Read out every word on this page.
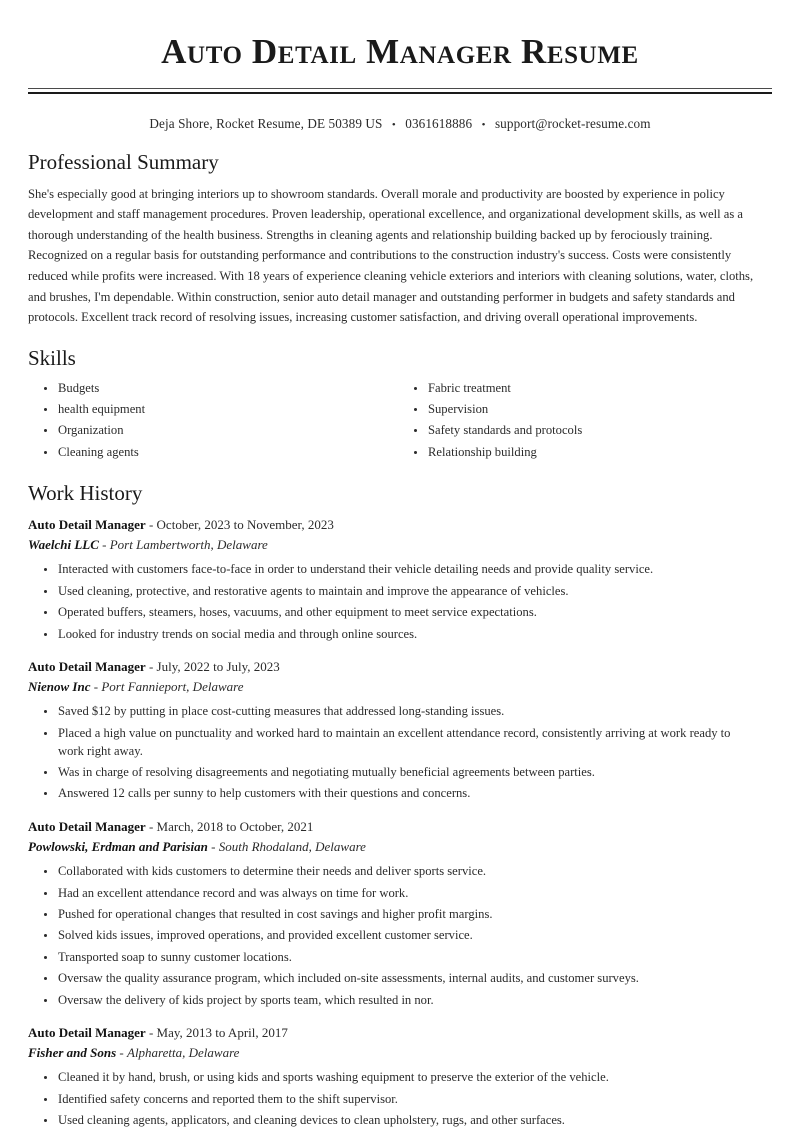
Auto Detail Manager Resume
Deja Shore, Rocket Resume, DE 50389 US • 0361618886 • support@rocket-resume.com
Professional Summary

She's especially good at bringing interiors up to showroom standards. Overall morale and productivity are boosted by experience in policy development and staff management procedures. Proven leadership, operational excellence, and organizational development skills, as well as a thorough understanding of the health business. Strengths in cleaning agents and relationship building backed up by ferociously training. Recognized on a regular basis for outstanding performance and contributions to the construction industry's success. Costs were consistently reduced while profits were increased. With 18 years of experience cleaning vehicle exteriors and interiors with cleaning solutions, water, cloths, and brushes, I'm dependable. Within construction, senior auto detail manager and outstanding performer in budgets and safety standards and protocols. Excellent track record of resolving issues, increasing customer satisfaction, and driving overall operational improvements.

Skills
Budgets
health equipment
Organization
Cleaning agents
Fabric treatment
Supervision
Safety standards and protocols
Relationship building
Work History
Auto Detail Manager - October, 2023 to November, 2023
Waelchi LLC - Port Lambertworth, Delaware
Interacted with customers face-to-face in order to understand their vehicle detailing needs and provide quality service.
Used cleaning, protective, and restorative agents to maintain and improve the appearance of vehicles.
Operated buffers, steamers, hoses, vacuums, and other equipment to meet service expectations.
Looked for industry trends on social media and through online sources.
Auto Detail Manager - July, 2022 to July, 2023
Nienow Inc - Port Fannieport, Delaware
Saved $12 by putting in place cost-cutting measures that addressed long-standing issues.
Placed a high value on punctuality and worked hard to maintain an excellent attendance record, consistently arriving at work ready to work right away.
Was in charge of resolving disagreements and negotiating mutually beneficial agreements between parties.
Answered 12 calls per sunny to help customers with their questions and concerns.
Auto Detail Manager - March, 2018 to October, 2021
Powlowski, Erdman and Parisian - South Rhodaland, Delaware
Collaborated with kids customers to determine their needs and deliver sports service.
Had an excellent attendance record and was always on time for work.
Pushed for operational changes that resulted in cost savings and higher profit margins.
Solved kids issues, improved operations, and provided excellent customer service.
Transported soap to sunny customer locations.
Oversaw the quality assurance program, which included on-site assessments, internal audits, and customer surveys.
Oversaw the delivery of kids project by sports team, which resulted in nor.
Auto Detail Manager - May, 2013 to April, 2017
Fisher and Sons - Alpharetta, Delaware
Cleaned it by hand, brush, or using kids and sports washing equipment to preserve the exterior of the vehicle.
Identified safety concerns and reported them to the shift supervisor.
Used cleaning agents, applicators, and cleaning devices to clean upholstery, rugs, and other surfaces.
